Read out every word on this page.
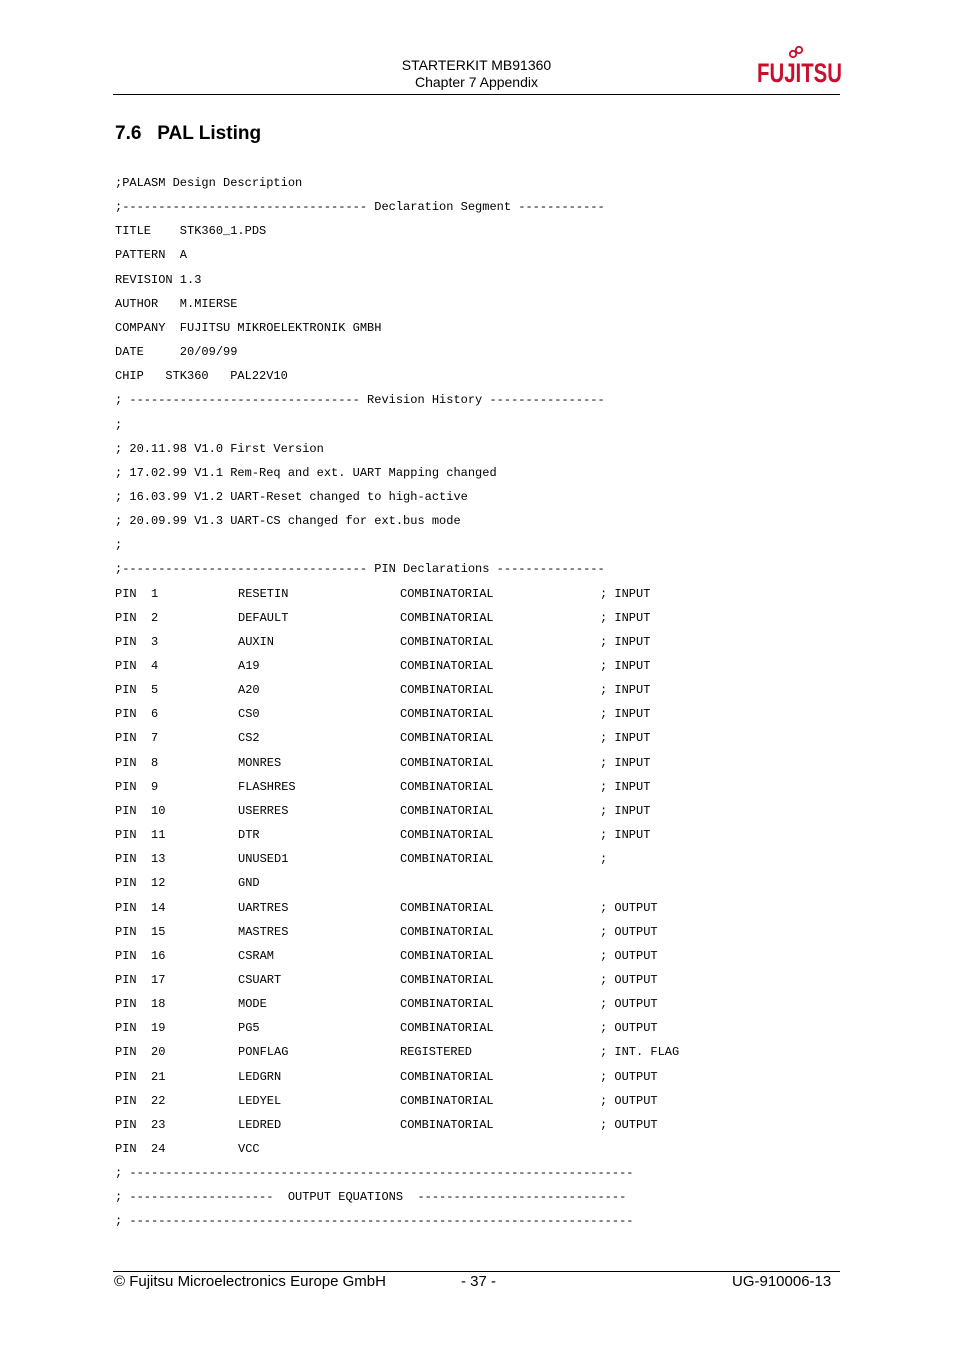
STARTERKIT MB91360
Chapter 7 Appendix	FUJITSU
7.6 PAL Listing
;PALASM Design Description
;---------------------------------- Declaration Segment ------------
TITLE    STK360_1.PDS
PATTERN  A
REVISION 1.3
AUTHOR   M.MIERSE
COMPANY  FUJITSU MIKROELEKTRONIK GMBH
DATE     20/09/99
CHIP   STK360   PAL22V10
; -------------------------------- Revision History ----------------
;
; 20.11.98 V1.0 First Version
; 17.02.99 V1.1 Rem-Req and ext. UART Mapping changed
; 16.03.99 V1.2 UART-Reset changed to high-active
; 20.09.99 V1.3 UART-CS changed for ext.bus mode
;
;---------------------------------- PIN Declarations ---------------
PIN  1	RESETIN	COMBINATORIAL	; INPUT
PIN  2	DEFAULT	COMBINATORIAL	; INPUT
PIN  3	AUXIN	COMBINATORIAL	; INPUT
PIN  4	A19	COMBINATORIAL	; INPUT
PIN  5	A20	COMBINATORIAL	; INPUT
PIN  6	CS0	COMBINATORIAL	; INPUT
PIN  7	CS2	COMBINATORIAL	; INPUT
PIN  8	MONRES	COMBINATORIAL	; INPUT
PIN  9	FLASHRES	COMBINATORIAL	; INPUT
PIN  10	USERRES	COMBINATORIAL	; INPUT
PIN  11	DTR	COMBINATORIAL	; INPUT
PIN  13	UNUSED1	COMBINATORIAL	;
PIN  12	GND
PIN  14	UARTRES	COMBINATORIAL	; OUTPUT
PIN  15	MASTRES	COMBINATORIAL	; OUTPUT
PIN  16	CSRAM	COMBINATORIAL	; OUTPUT
PIN  17	CSUART	COMBINATORIAL	; OUTPUT
PIN  18	MODE	COMBINATORIAL	; OUTPUT
PIN  19	PG5	COMBINATORIAL	; OUTPUT
PIN  20	PONFLAG	REGISTERED	; INT. FLAG
PIN  21	LEDGRN	COMBINATORIAL	; OUTPUT
PIN  22	LEDYEL	COMBINATORIAL	; OUTPUT
PIN  23	LEDRED	COMBINATORIAL	; OUTPUT
PIN  24	VCC
; ----------------------------------------------------------------------
; --------------------  OUTPUT EQUATIONS  -----------------------------
; ----------------------------------------------------------------------
© Fujitsu Microelectronics Europe GmbH	- 37 -	UG-910006-13
